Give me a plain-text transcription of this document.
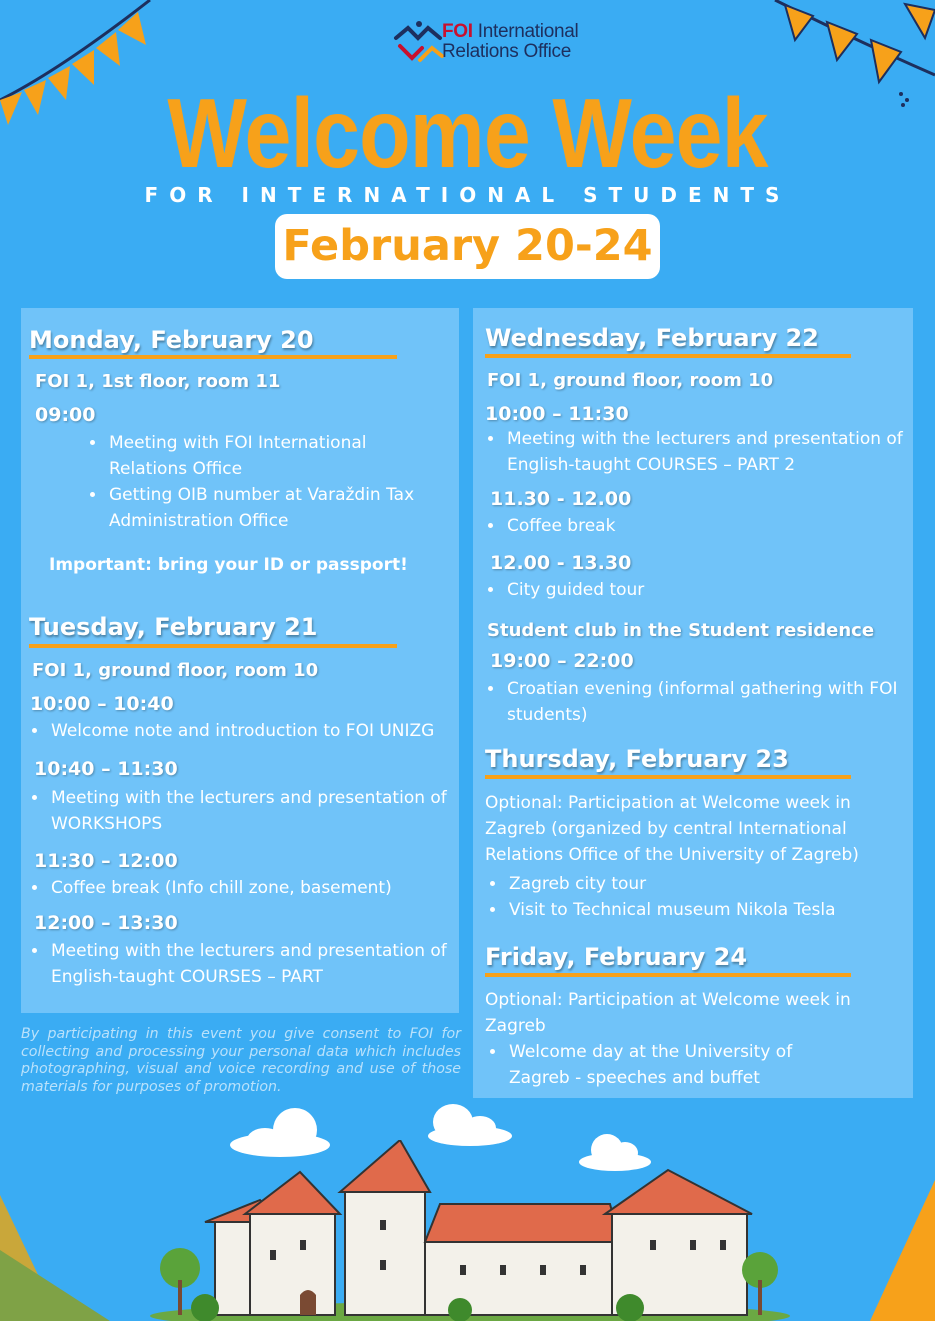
FOI International
Relations Office
Welcome Week
FOR INTERNATIONAL STUDENTS
February 20-24
Monday, February 20
FOI 1, 1st floor, room 11
09:00
• Meeting with FOI International Relations Office
• Getting OIB number at Varaždin Tax Administration Office
Important: bring your ID or passport!
Tuesday, February 21
FOI 1, ground floor, room 10
10:00 – 10:40
• Welcome note and introduction to FOI UNIZG
10:40 – 11:30
• Meeting with the lecturers and presentation of WORKSHOPS
11:30 – 12:00
• Coffee break (Info chill zone, basement)
12:00 – 13:30
• Meeting with the lecturers and presentation of English-taught COURSES – PART
Wednesday, February 22
FOI 1, ground floor, room 10
10:00 – 11:30
• Meeting with the lecturers and presentation of English-taught COURSES – PART 2
11.30 - 12.00
• Coffee break
12.00 - 13.30
• City guided tour
Student club in the Student residence
19:00 – 22:00
• Croatian evening (informal gathering with FOI students)
Thursday, February 23
Optional: Participation at Welcome week in Zagreb (organized by central International Relations Office of the University of Zagreb)
• Zagreb city tour
• Visit to Technical museum Nikola Tesla
Friday, February 24
Optional: Participation at Welcome week in Zagreb
• Welcome day at the University of Zagreb - speeches and buffet
By participating in this event you give consent to FOI for collecting and processing your personal data which includes photographing, visual and voice recording and use of those materials for purposes of promotion.
